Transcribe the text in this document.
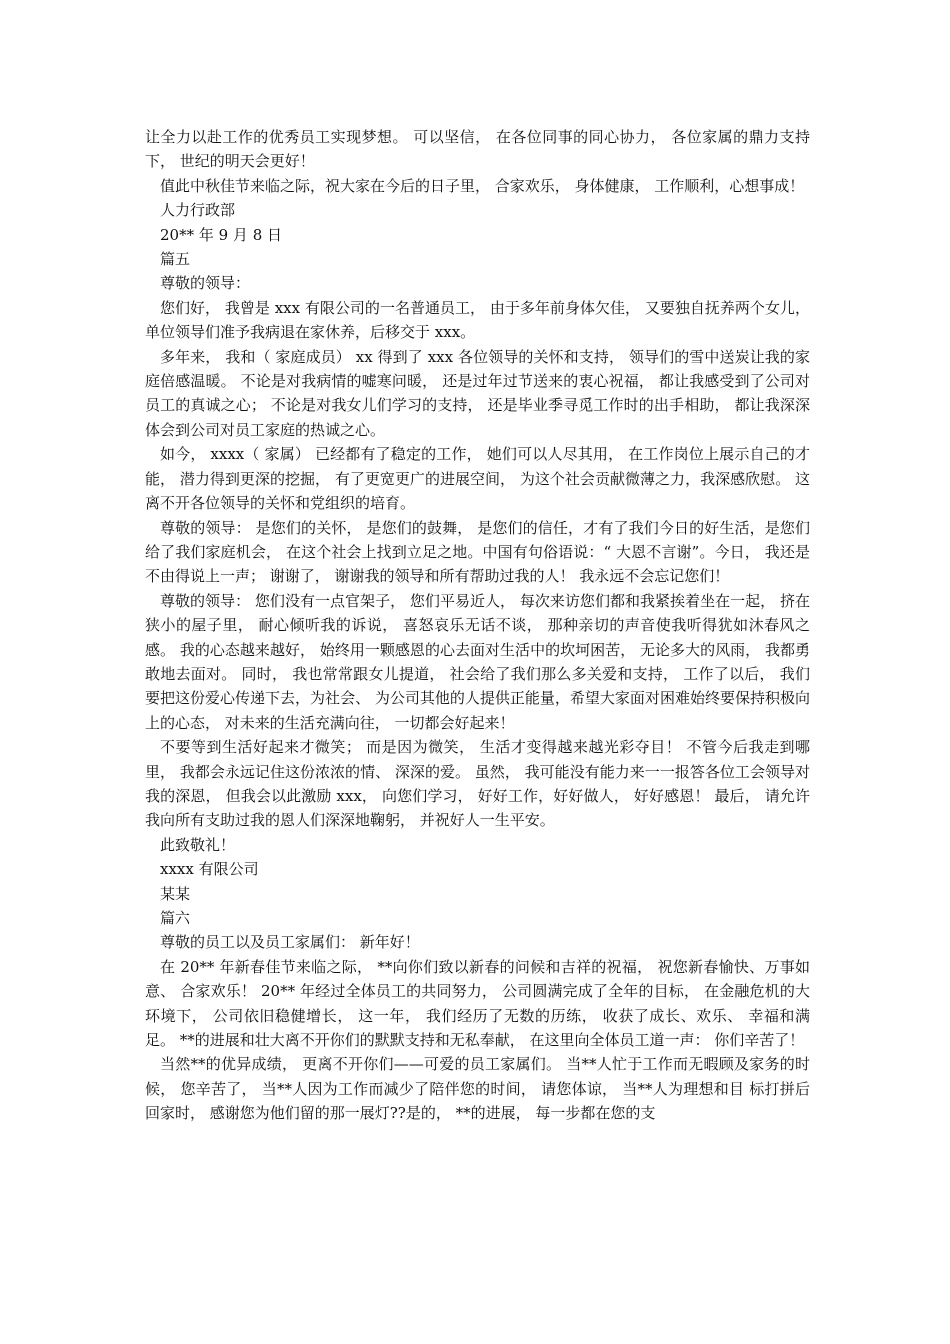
让全力以赴工作的优秀员工实现梦想。 可以坚信， 在各位同事的同心协力， 各位家属的鼎力支持下， 世纪的明天会更好！

值此中秋佳节来临之际，祝大家在今后的日子里， 合家欢乐， 身体健康， 工作顺利，心想事成！

人力行政部

20** 年 9 月 8 日

篇五

尊敬的领导：

您们好， 我曾是 xxx 有限公司的一名普通员工， 由于多年前身体欠佳， 又要独自抚养两个女儿，单位领导们准予我病退在家休养，后移交于 xxx。

多年来， 我和（ 家庭成员） xx 得到了 xxx 各位领导的关怀和支持， 领导们的雪中送炭让我的家庭倍感温暖。 不论是对我病情的嘘寒问暖， 还是过年过节送来的衷心祝福， 都让我感受到了公司对员工的真诚之心； 不论是对我女儿们学习的支持， 还是毕业季寻觅工作时的出手相助， 都让我深深体会到公司对员工家庭的热诚之心。

如今， xxxx（ 家属） 已经都有了稳定的工作， 她们可以人尽其用， 在工作岗位上展示自己的才能， 潜力得到更深的挖掘， 有了更宽更广的进展空间， 为这个社会贡献微薄之力，我深感欣慰。 这离不开各位领导的关怀和党组织的培育。

尊敬的领导： 是您们的关怀， 是您们的鼓舞， 是您们的信任，才有了我们今日的好生活，是您们给了我们家庭机会， 在这个社会上找到立足之地。中国有句俗语说：“ 大恩不言谢”。今日， 我还是不由得说上一声； 谢谢了， 谢谢我的领导和所有帮助过我的人！ 我永远不会忘记您们！

尊敬的领导： 您们没有一点官架子， 您们平易近人， 每次来访您们都和我紧挨着坐在一起， 挤在狭小的屋子里， 耐心倾听我的诉说， 喜怒哀乐无话不谈， 那种亲切的声音使我听得犹如沐春风之感。 我的心态越来越好， 始终用一颗感恩的心去面对生活中的坎坷困苦， 无论多大的风雨， 我都勇敢地去面对。 同时， 我也常常跟女儿提道， 社会给了我们那么多关爱和支持， 工作了以后， 我们要把这份爱心传递下去，为社会、 为公司其他的人提供正能量，希望大家面对困难始终要保持积极向上的心态， 对未来的生活充满向往， 一切都会好起来！

不要等到生活好起来才微笑； 而是因为微笑， 生活才变得越来越光彩夺目！ 不管今后我走到哪里， 我都会永远记住这份浓浓的情、 深深的爱。 虽然， 我可能没有能力来一一报答各位工会领导对我的深恩， 但我会以此激励 xxx， 向您们学习， 好好工作，好好做人， 好好感恩！ 最后， 请允许我向所有支助过我的恩人们深深地鞠躬， 并祝好人一生平安。

此致敬礼！

xxxx 有限公司

某某

篇六

尊敬的员工以及员工家属们： 新年好！

在 20** 年新春佳节来临之际， **向你们致以新春的问候和吉祥的祝福， 祝您新春愉快、万事如意、 合家欢乐！ 20** 年经过全体员工的共同努力， 公司圆满完成了全年的目标， 在金融危机的大环境下， 公司依旧稳健增长， 这一年， 我们经历了无数的历练， 收获了成长、欢乐、 幸福和满足。 **的进展和壮大离不开你们的默默支持和无私奉献， 在这里向全体员工道一声： 你们辛苦了！

当然**的优异成绩， 更离不开你们——可爱的员工家属们。 当**人忙于工作而无暇顾及家务的时候， 您辛苦了， 当**人因为工作而减少了陪伴您的时间， 请您体谅， 当**人为理想和目 标打拼后回家时， 感谢您为他们留的那一展灯??是的， **的进展， 每一步都在您的支
